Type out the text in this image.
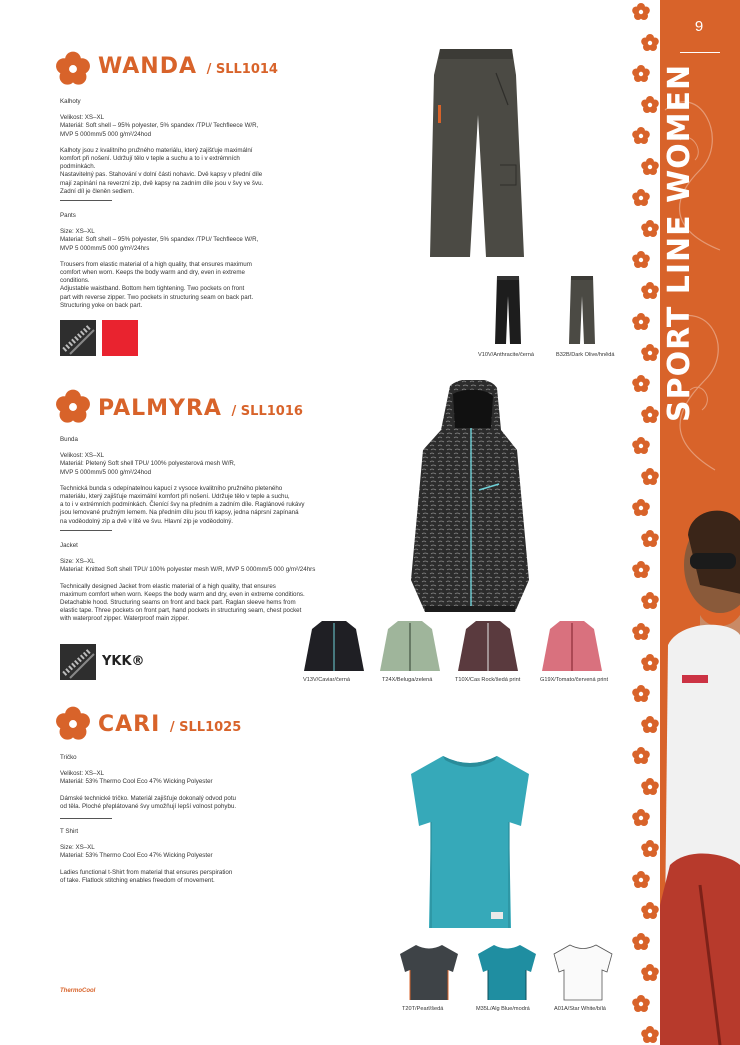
9
SPORT LINE WOMEN
WANDA / SLL1014

Kalhoty

Velikost: XS–XL

Materiál: Soft shell – 95% polyester, 5% spandex /TPU/ Techfleece W/R,

MVP 5 000mm/5 000 g/m²/24hod

Kalhoty jsou z kvalitního pružného materiálu, který zajišťuje maximální

komfort při nošení. Udržují tělo v teple a suchu a to i v extrémních

podmínkách.

Nastavitelný pas. Stahování v dolní části nohavic. Dvě kapsy v přední díle

mají zapínání na reverzní zip, dvě kapsy na zadním díle jsou v švy ve švu.

Zadní díl je členěn sedlem.

Pants

Size: XS–XL

Material: Soft shell – 95% polyester, 5% spandex /TPU/ Techfleece W/R,

MVP 5 000mm/5 000 g/m²/24hrs

Trousers from elastic material of a high quality, that ensures maximum

comfort when worn. Keeps the body warm and dry, even in extreme

conditions.

Adjustable waistband. Bottom hem tightening. Two pockets on front

part with reverse zipper. Two pockets in structuring seam on back part.

Structuring yoke on back part.

V10V/Anthracite/černá	B32B/Dark Olive/hnědá
PALMYRA / SLL1016

Bunda

Velikost: XS–XL

Materiál: Pletený Soft shell TPU/ 100% polyesterová mesh W/R,

MVP 5 000mm/5 000 g/m²/24hod

Technická bunda s odepínatelnou kapucí z vysoce kvalitního pružného pleteného

materiálu, který zajišťuje maximální komfort při nošení. Udržuje tělo v teple a suchu,

a to i v extrémních podmínkách. Členící švy na předním a zadním díle. Raglánové rukávy

jsou lemované pružným lemem. Na předním dílu jsou tři kapsy, jedna náprsní zapínaná

na voděodolný zip a dvě v lité ve švu. Hlavní zip je voděodolný.

Jacket

Size: XS–XL

Material: Knitted Soft shell TPU/ 100% polyester mesh W/R, MVP 5 000mm/5 000 g/m²/24hrs

Technically designed Jacket from elastic material of a high quality, that ensures

maximum comfort when worn. Keeps the body warm and dry, even in extreme conditions.

Detachable hood. Structuring seams on front and back part. Raglan sleeve hems from

elastic tape. Three pockets on front part, hand pockets in structuring seam, chest pocket

with waterproof zipper. Waterproof main zipper.

YKK®
V13V/Caviar/černá	T24X/Beluga/zelená	T10X/Cas Rock/šedá print	G19X/Tomato/červená print
CARI / SLL1025

Tričko

Velikost: XS–XL

Materiál: 53% Thermo Cool Eco 47% Wicking Polyester

Dámské technické tričko. Materiál zajišťuje dokonalý odvod potu

od těla. Ploché přeplátované švy umožňují lepší volnost pohybu.

T Shirt

Size: XS–XL

Material: 53% Thermo Cool Eco 47% Wicking Polyester

Ladies functional t-Shirt from material that ensures perspiration

of take. Flatlock stitching enables freedom of movement.

ThermoCool
T20T/Pearl/šedá	M35L/Alg Blue/modrá	A01A/Star White/bílá
